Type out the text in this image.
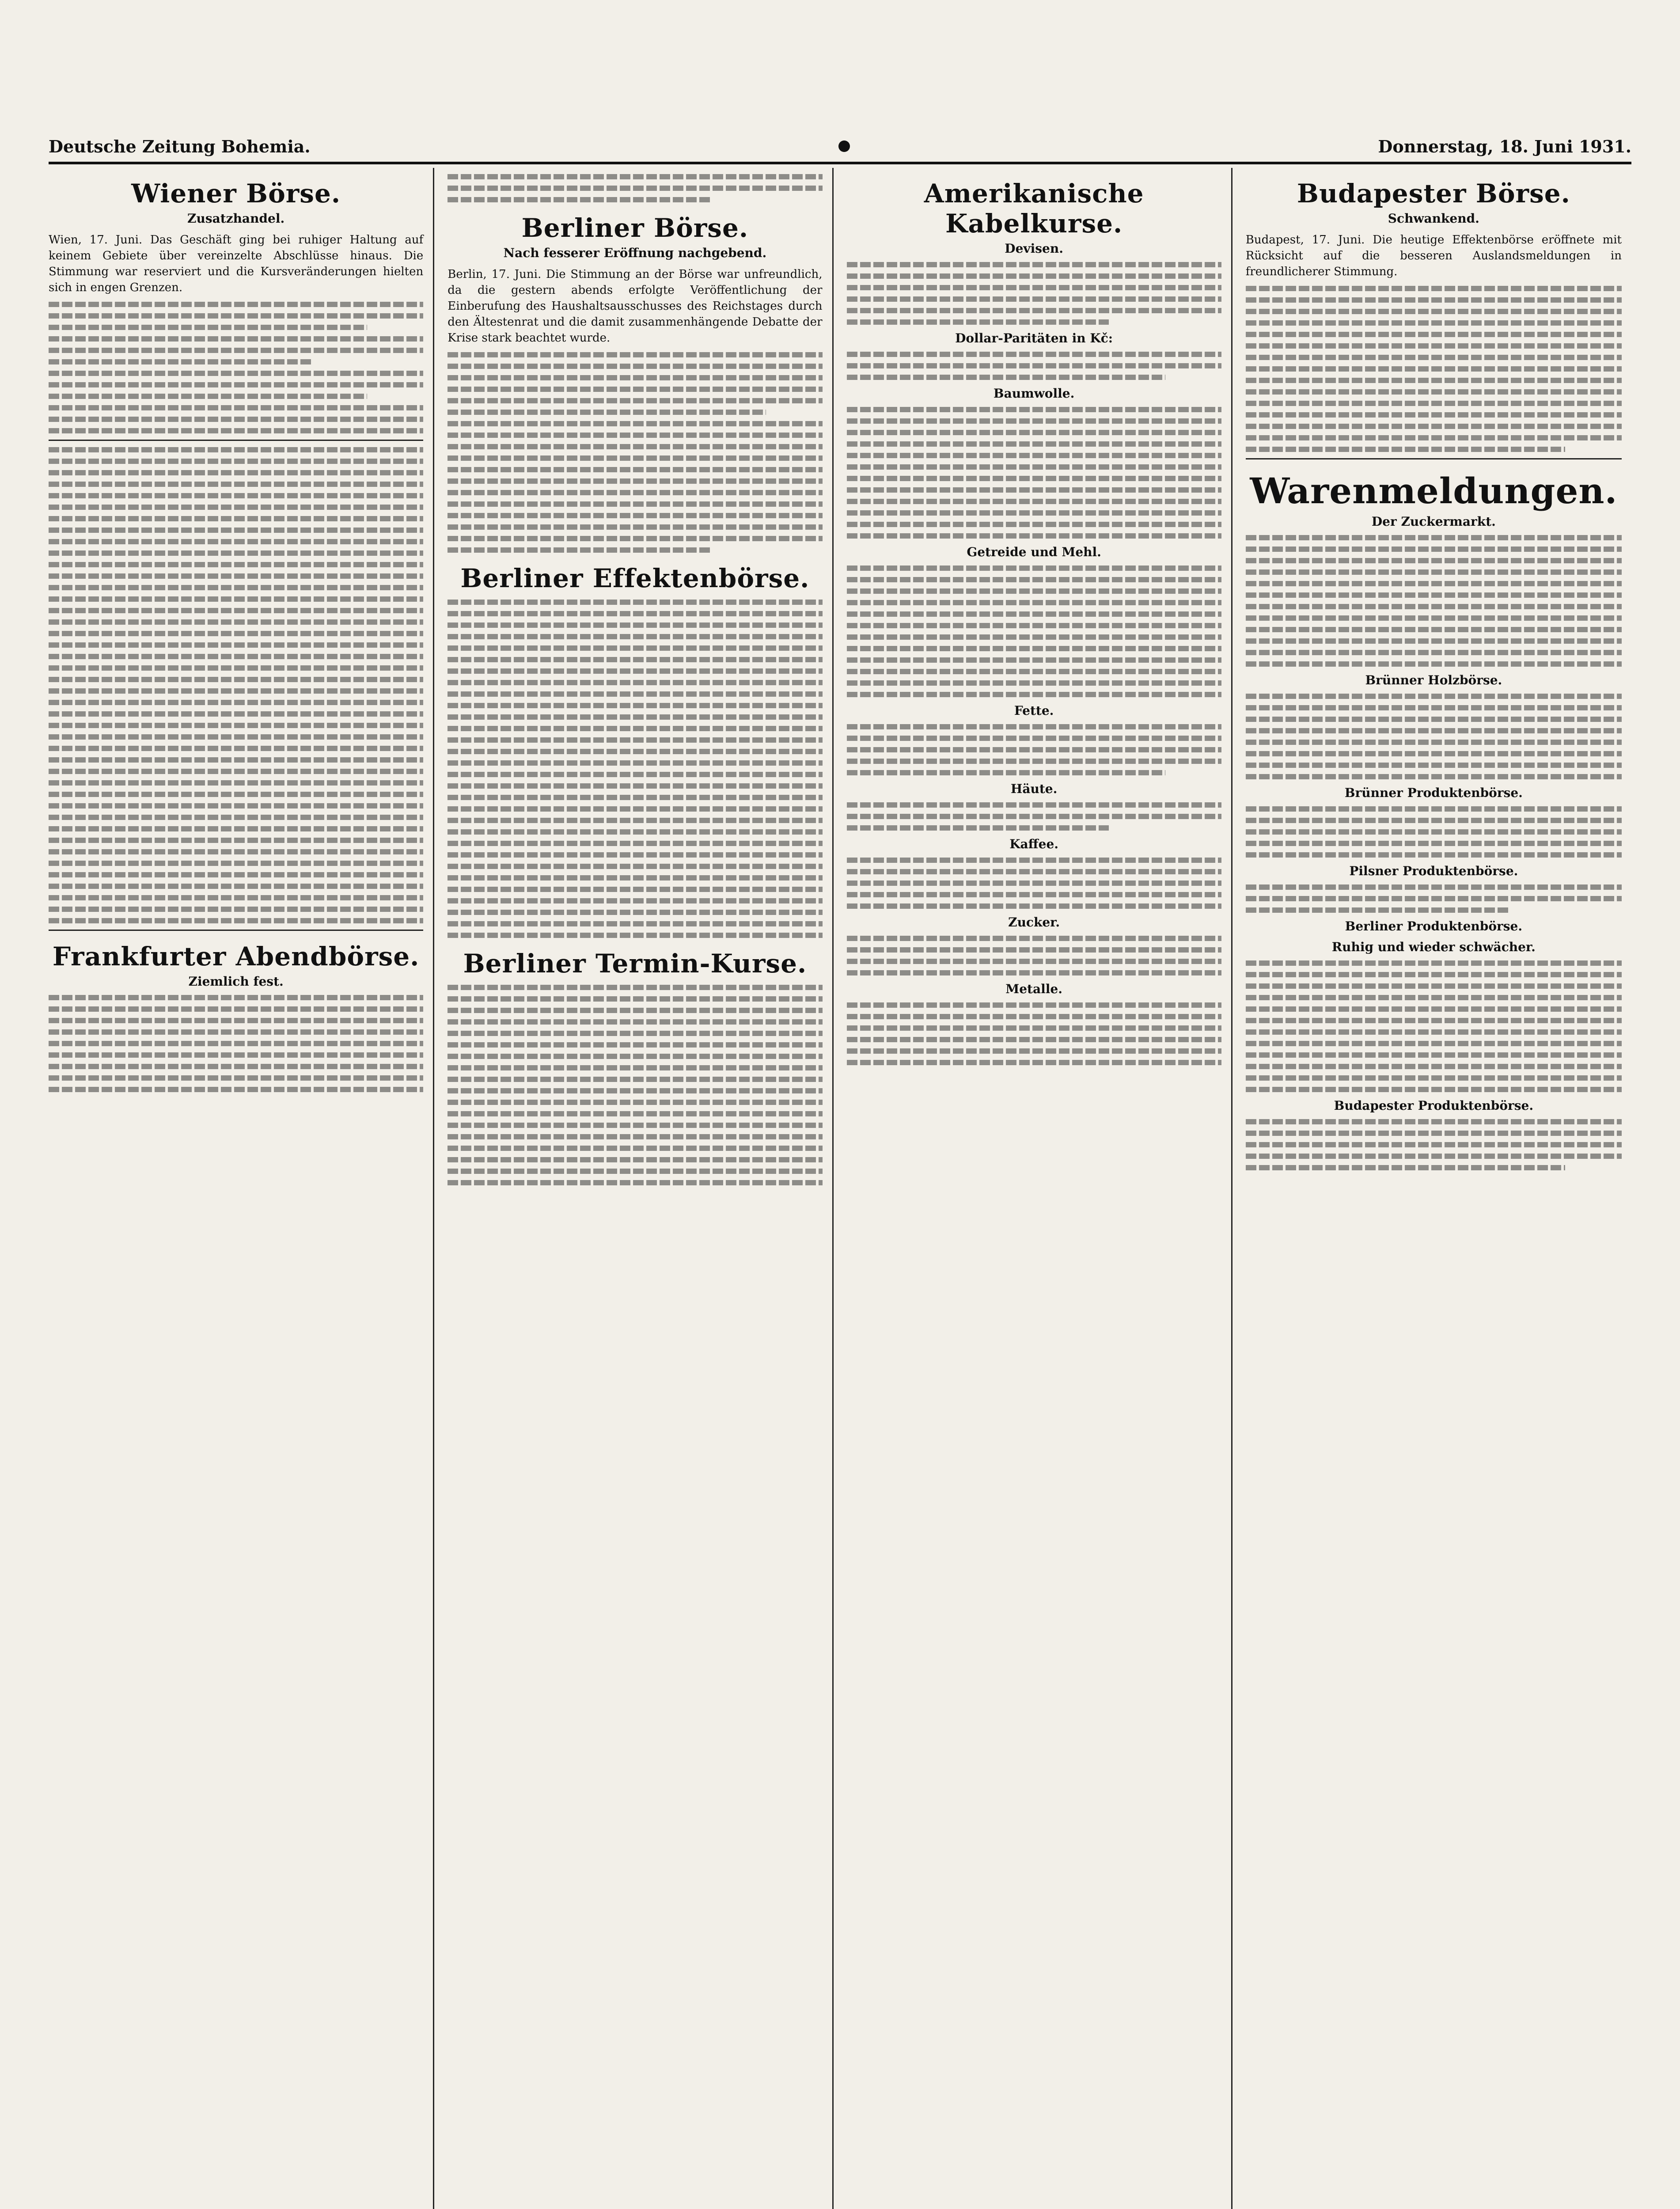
Deutsche Zeitung Bohemia.	Donnerstag, 18. Juni 1931.
Wiener Börse.
Zusatzhandel.
Wien, 17. Juni. Das Geschäft ging bei ruhiger Haltung auf keinem Gebiete über vereinzelte Abschlüsse hinaus. Die Stimmung war reserviert und die Kursveränderungen hielten sich in engen Grenzen.
Frankfurter Abendbörse.
Ziemlich fest.
Berliner Börse.
Nach fesserer Eröffnung nachgebend.
Berlin, 17. Juni. Die Stimmung an der Börse war unfreundlich, da die gestern abends erfolgte Veröffentlichung der Einberufung des Haushaltsausschusses des Reichstages durch den Ältestenrat und die damit zusammenhängende Debatte der Krise stark beachtet wurde.
Berliner Effektenbörse.
Berliner Termin-Kurse.
Amerikanische Kabelkurse.
Devisen.
Dollar-Paritäten in Kč:
Baumwolle.
Getreide und Mehl.
Fette.
Häute.
Kaffee.
Zucker.
Metalle.
Budapester Börse.
Schwankend.
Budapest, 17. Juni. Die heutige Effektenbörse eröffnete mit Rücksicht auf die besseren Auslandsmeldungen in freundlicherer Stimmung.
Warenmeldungen.
Der Zuckermarkt.
Brünner Holzbörse.
Brünner Produktenbörse.
Pilsner Produktenbörse.
Berliner Produktenbörse.
Ruhig und wieder schwächer.
Budapester Produktenbörse.
